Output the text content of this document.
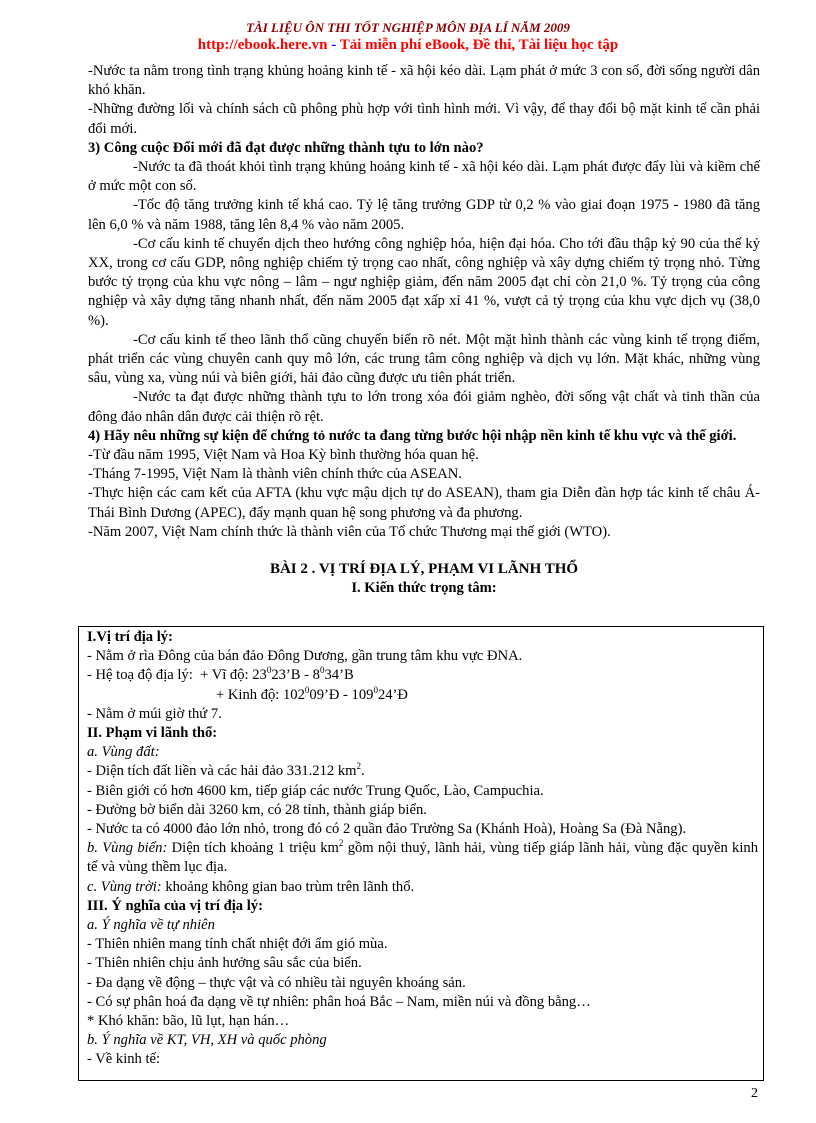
TÀI LIỆU ÔN THI TỐT NGHIỆP MÔN ĐỊA LÍ NĂM 2009
http://ebook.here.vn - Tải miễn phí eBook, Đề thi, Tài liệu học tập

-Nước ta nằm trong tình trạng khủng hoảng kinh tế - xã hội kéo dài. Lạm phát ở mức 3 con số, đời sống người dân khó khăn.

-Những đường lối và chính sách cũ phông phù hợp với tình hình mới. Vì vậy, để thay đổi bộ mặt kinh tế cần phải đổi mới.

3) Công cuộc Đổi mới đã đạt được những thành tựu to lớn nào?

-Nước ta đã thoát khỏi tình trạng khủng hoảng kinh tế - xã hội kéo dài. Lạm phát được đẩy lùi và kiềm chế ở mức một con số.

-Tốc độ tăng trưởng kinh tế khá cao. Tỷ lệ tăng trưởng GDP từ 0,2 % vào giai đoạn 1975 - 1980 đã tăng lên 6,0 % và năm 1988, tăng lên 8,4 % vào năm 2005.

-Cơ cấu kinh tế chuyển dịch theo hướng công nghiệp hóa, hiện đại hóa. Cho tới đầu thập kỷ 90 của thế kỷ XX, trong cơ cấu GDP, nông nghiệp chiếm tỷ trọng cao nhất, công nghiệp và xây dựng chiếm tỷ trọng nhỏ. Từng bước tỷ trọng của khu vực nông – lâm – ngư nghiệp giảm, đến năm 2005 đạt chỉ còn 21,0 %. Tỷ trọng của công nghiệp và xây dựng tăng nhanh nhất, đến năm 2005 đạt xấp xỉ 41 %, vượt cả tỷ trọng của khu vực dịch vụ (38,0 %).

-Cơ cấu kinh tế theo lãnh thổ cũng chuyển biến rõ nét. Một mặt hình thành các vùng kinh tế trọng điểm, phát triển các vùng chuyên canh quy mô lớn, các trung tâm công nghiệp và dịch vụ lớn. Mặt khác, những vùng sâu, vùng xa, vùng núi và biên giới, hải đảo cũng được ưu tiên phát triển.

-Nước ta đạt được những thành tựu to lớn trong xóa đói giảm nghèo, đời sống vật chất và tinh thần của đông đảo nhân dân được cải thiện rõ rệt.

4) Hãy nêu những sự kiện để chứng tỏ nước ta đang từng bước hội nhập nền kinh tế khu vực và thế giới.

-Từ đầu năm 1995, Việt Nam và Hoa Kỳ bình thường hóa quan hệ.

-Tháng 7-1995, Việt Nam là thành viên chính thức của ASEAN.

-Thực hiện các cam kết của AFTA (khu vực mậu dịch tự do ASEAN), tham gia Diễn đàn hợp tác kinh tế châu Á-Thái Bình Dương (APEC), đẩy mạnh quan hệ song phương và đa phương.

-Năm 2007, Việt Nam chính thức là thành viên của Tổ chức Thương mại thế giới (WTO).

BÀI 2 . VỊ TRÍ ĐỊA LÝ, PHẠM VI LÃNH THỔ

I. Kiến thức trọng tâm:

I.Vị trí địa lý:

- Nằm ở rìa Đông của bán đảo Đông Dương, gần trung tâm khu vực ĐNA.

- Hệ toạ độ địa lý:  + Vĩ độ: $23^023’B$ - $8^034’B$

+ Kinh độ: $102^009’Đ$ - $109^024’Đ$

- Nằm ở múi giờ thứ 7.

II. Phạm vi lãnh thổ:

a. Vùng đất:

- Diện tích đất liền và các hải đảo 331.212 $km^2$.

- Biên giới có hơn 4600 km, tiếp giáp các nước Trung Quốc, Lào, Campuchia.

- Đường bờ biển dài 3260 km, có 28 tỉnh, thành giáp biển.

- Nước ta có 4000 đảo lớn nhỏ, trong đó có 2 quần đảo Trường Sa (Khánh Hoà), Hoàng Sa (Đà Nẵng).

b. Vùng biển: Diện tích khoảng 1 triệu $km^2$ gồm nội thuỷ, lãnh hải, vùng tiếp giáp lãnh hải, vùng đặc quyền kinh tế và vùng thềm lục địa.

c. Vùng trời: khoảng không gian bao trùm trên lãnh thổ.

III. Ý nghĩa của vị trí địa lý:

a. Ý nghĩa về tự nhiên

- Thiên nhiên mang tính chất nhiệt đới ẩm gió mùa.

- Thiên nhiên chịu ảnh hưởng sâu sắc của biển.

- Đa dạng về động – thực vật và có nhiều tài nguyên khoáng sản.

- Có sự phân hoá đa dạng về tự nhiên: phân hoá Bắc – Nam, miền núi và đồng bằng…

* Khó khăn: bão, lũ lụt, hạn hán…

b. Ý nghĩa về KT, VH, XH và quốc phòng

- Về kinh tế:

2
